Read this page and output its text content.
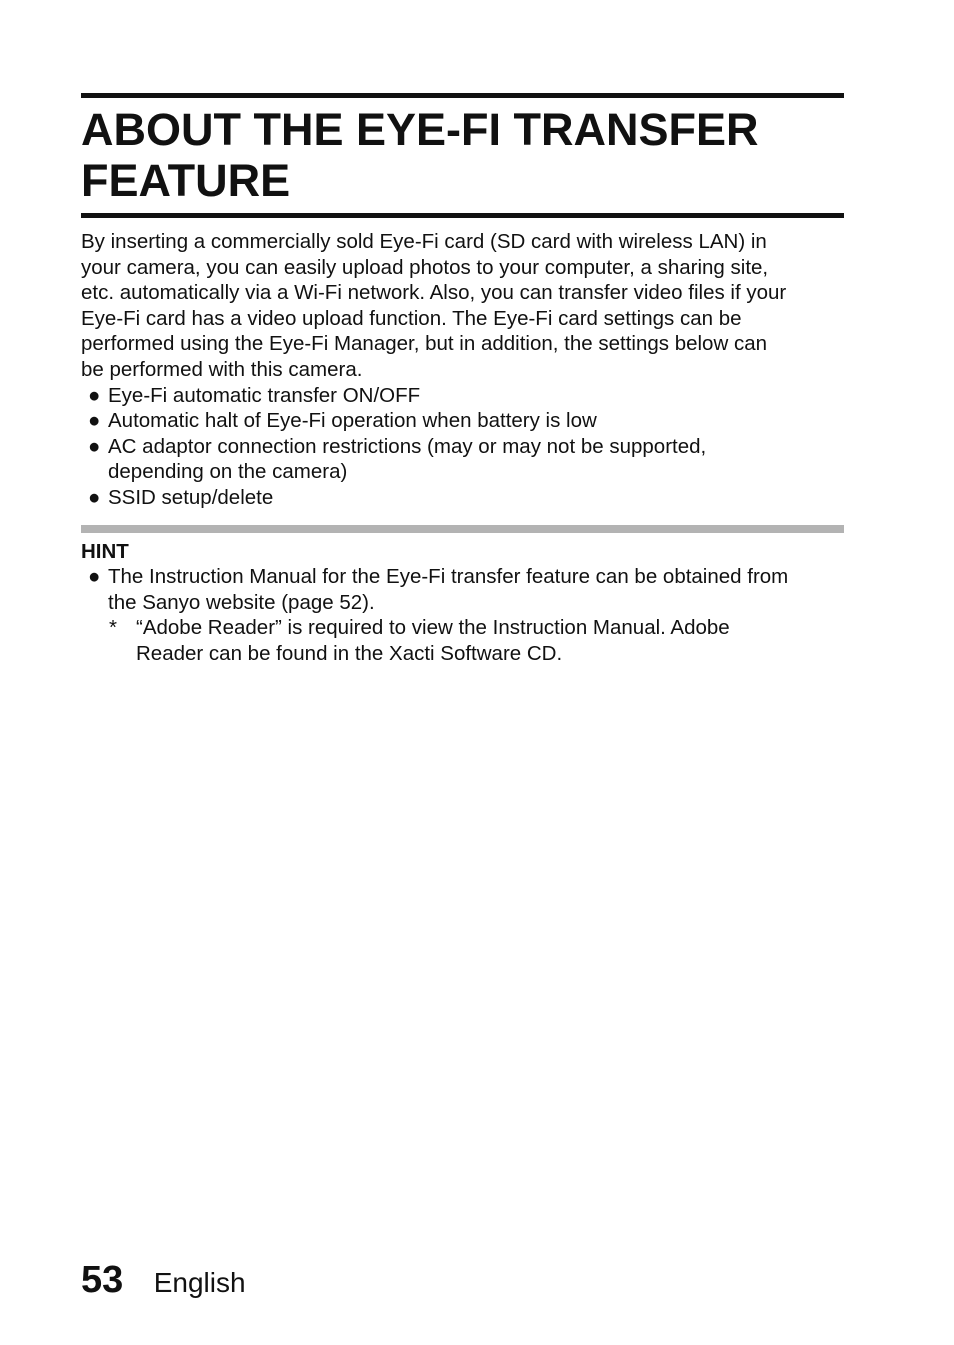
ABOUT THE EYE-FI TRANSFER
FEATURE

By inserting a commercially sold Eye-Fi card (SD card with wireless LAN) in
your camera, you can easily upload photos to your computer, a sharing site,
etc. automatically via a Wi-Fi network. Also, you can transfer video files if your
Eye-Fi card has a video upload function. The Eye-Fi card settings can be
performed using the Eye-Fi Manager, but in addition, the settings below can
be performed with this camera.

● Eye-Fi automatic transfer ON/OFF
● Automatic halt of Eye-Fi operation when battery is low
● AC adaptor connection restrictions (may or may not be supported,
depending on the camera)
● SSID setup/delete
HINT
● The Instruction Manual for the Eye-Fi transfer feature can be obtained from
the Sanyo website (page 52).
* “Adobe Reader” is required to view the Instruction Manual. Adobe
Reader can be found in the Xacti Software CD.
53 English
